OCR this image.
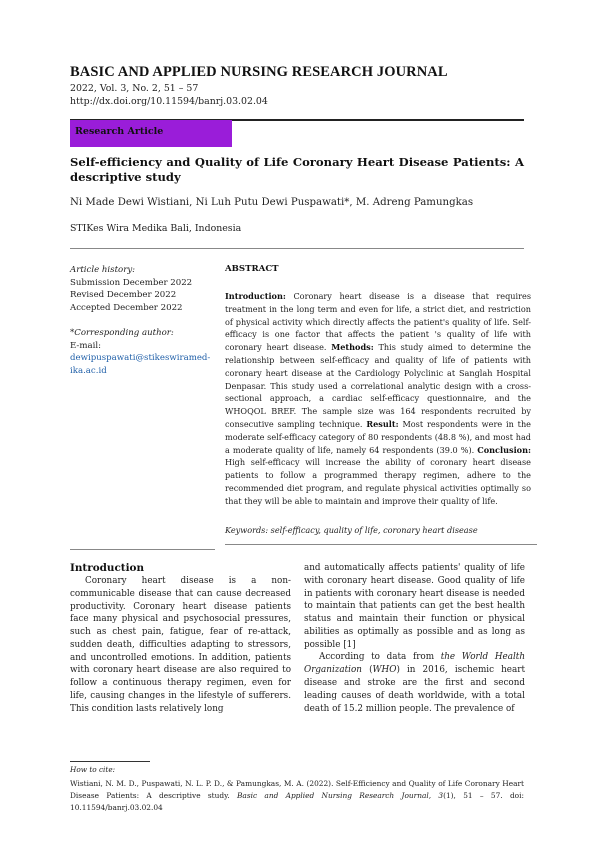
BASIC AND APPLIED NURSING RESEARCH JOURNAL
2022, Vol. 3, No. 2, 51 – 57
http://dx.doi.org/10.11594/banrj.03.02.04
Research Article
Self-efficiency and Quality of Life Coronary Heart Disease Patients: A descriptive study
Ni Made Dewi Wistiani, Ni Luh Putu Dewi Puspawati*, M. Adreng Pamungkas
STIKes Wira Medika Bali, Indonesia
Article history:
Submission December 2022
Revised December 2022
Accepted December 2022
*Corresponding author:
E-mail:
dewipuspawati@stikeswiramed-ika.ac.id
ABSTRACT
Introduction: Coronary heart disease is a disease that requires treatment in the long term and even for life, a strict diet, and restriction of physical activity which directly affects the patient's quality of life. Self-efficacy is one factor that affects the patient 's quality of life with coronary heart disease. Methods: This study aimed to determine the relationship between self-efficacy and quality of life of patients with coronary heart disease at the Cardiology Polyclinic at Sanglah Hospital Denpasar. This study used a correlational analytic design with a cross-sectional approach, a cardiac self-efficacy questionnaire, and the WHOQOL BREF. The sample size was 164 respondents recruited by consecutive sampling technique. Result: Most respondents were in the moderate self-efficacy category of 80 respondents (48.8 %), and most had a moderate quality of life, namely 64 respondents (39.0 %). Conclusion: High self-efficacy will increase the ability of coronary heart disease patients to follow a programmed therapy regimen, adhere to the recommended diet program, and regulate physical activities optimally so that they will be able to maintain and improve their quality of life.
Keywords: self-efficacy, quality of life, coronary heart disease
Introduction

Coronary heart disease is a non-communicable disease that can cause decreased productivity. Coronary heart disease patients face many physical and psychosocial pressures, such as chest pain, fatigue, fear of re-attack, sudden death, difficulties adapting to stressors, and uncontrolled emotions. In addition, patients with coronary heart disease are also required to follow a continuous therapy regimen, even for life, causing changes in the lifestyle of sufferers. This condition lasts relatively long

and automatically affects patients' quality of life with coronary heart disease. Good quality of life in patients with coronary heart disease is needed to maintain that patients can get the best health status and maintain their function or physical abilities as optimally as possible and as long as possible [1]

According to data from the World Health Organization (WHO) in 2016, ischemic heart disease and stroke are the first and second leading causes of death worldwide, with a total death of 15.2 million people. The prevalence of

How to cite:
Wistiani, N. M. D., Puspawati, N. L. P. D., & Pamungkas, M. A. (2022). Self-Efficiency and Quality of Life Coronary Heart Disease Patients: A descriptive study. Basic and Applied Nursing Research Journal, 3(1), 51 – 57. doi: 10.11594/banrj.03.02.04
